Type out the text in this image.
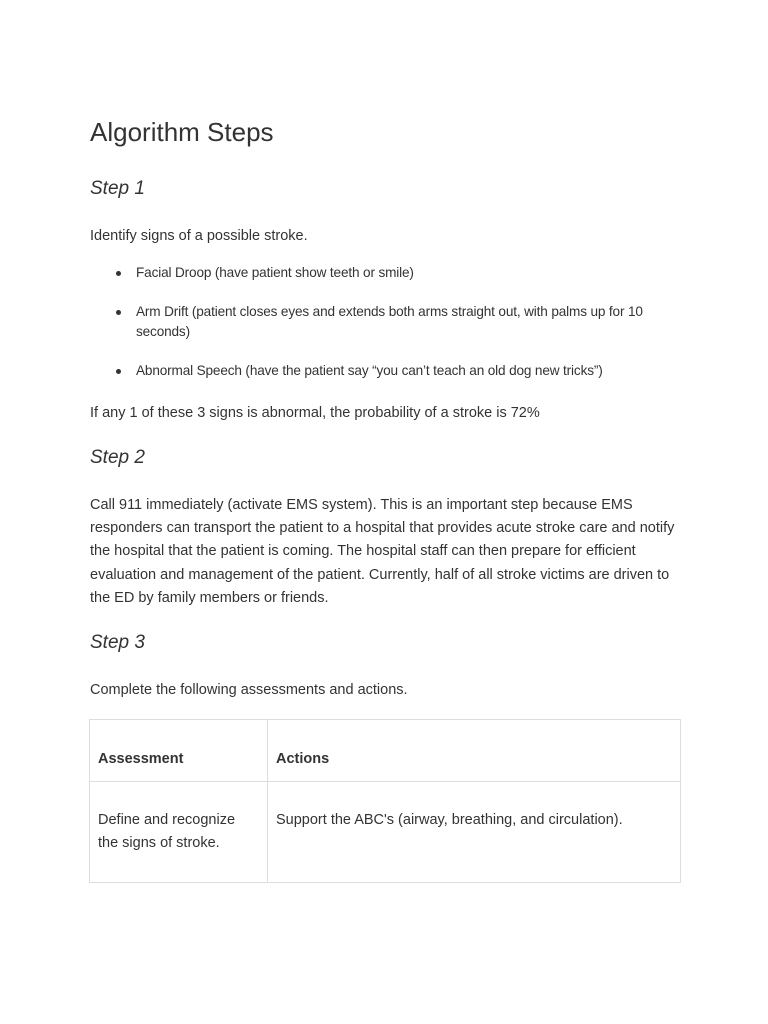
Algorithm Steps
Step 1

Identify signs of a possible stroke.

Facial Droop (have patient show teeth or smile)
Arm Drift (patient closes eyes and extends both arms straight out, with palms up for 10 seconds)
Abnormal Speech (have the patient say “you can’t teach an old dog new tricks”)

If any 1 of these 3 signs is abnormal, the probability of a stroke is 72%

Step 2

Call 911 immediately (activate EMS system). This is an important step because EMS responders can transport the patient to a hospital that provides acute stroke care and notify the hospital that the patient is coming. The hospital staff can then prepare for efficient evaluation and management of the patient. Currently, half of all stroke victims are driven to the ED by family members or friends.

Step 3

Complete the following assessments and actions.

Assessment	Actions
Define and recognize the signs of stroke.	Support the ABC's (airway, breathing, and circulation).
